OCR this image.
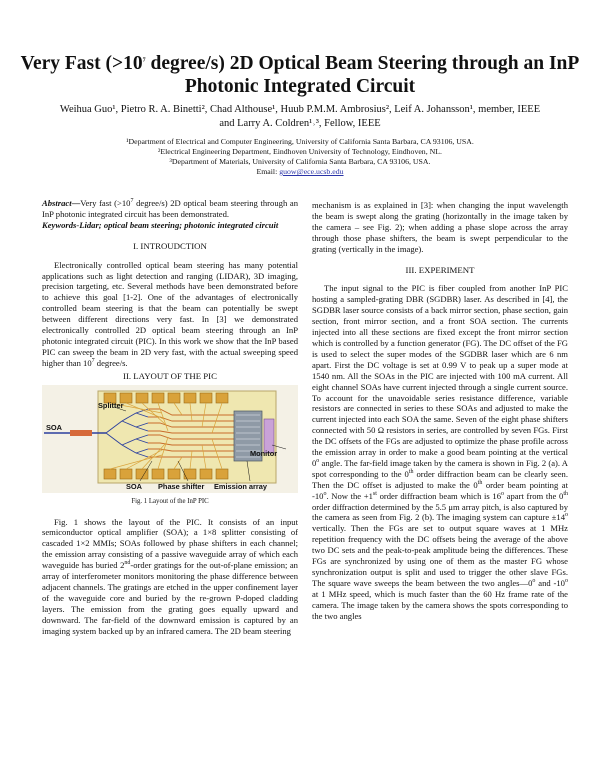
Very Fast ($>10^7$ degree/s) 2D Optical Beam Steering through an InP
Photonic Integrated Circuit
Weihua Guo¹, Pietro R. A. Binetti², Chad Althouse¹, Huub P.M.M. Ambrosius², Leif A. Johansson¹, member, IEEE
and Larry A. Coldren¹˒³, Fellow, IEEE
¹Department of Electrical and Computer Engineering, University of California Santa Barbara, CA 93106, USA.
²Electrical Engineering Department, Eindhoven University of Technology, Eindhoven, NL.
³Department of Materials, University of California Santa Barbara, CA 93106, USA.
Email: guow@ece.ucsb.edu

Abstract—Very fast ($>10^7$ degree/s) 2D optical beam steering through an InP photonic integrated circuit has been demonstrated.

Keywords-Lidar; optical beam steering; photonic integrated circuit

I. INTROUDCTION

Electronically controlled optical beam steering has many potential applications such as light detection and ranging (LIDAR), 3D imaging, precision targeting, etc. Several methods have been demonstrated before to achieve this goal [1-2]. One of the advantages of electronically controlled beam steering is that the beam can potentially be swept between different directions very fast. In [3] we demonstrated electronically controlled 2D optical beam steering through an InP photonic integrated circuit (PIC). In this work we show that the InP based PIC can sweep the beam in 2D very fast, with the actual sweeping speed higher than $10^7$ degree/s.

II. LAYOUT OF THE PIC
Splitter
SOA
Monitor
SOA Phase shifter Emission array
Fig. 1 Layout of the InP PIC

Fig. 1 shows the layout of the PIC. It consists of an input semiconductor optical amplifier (SOA); a 1×8 splitter consisting of cascaded 1×2 MMIs; SOAs followed by phase shifters in each channel; the emission array consisting of a passive waveguide array of which each waveguide has buried 2nd-order gratings for the out-of-plane emission; an array of interferometer monitors monitoring the phase difference between adjacent channels. The gratings are etched in the upper confinement layer of the waveguide core and buried by the re-grown P-doped cladding layers. The emission from the grating goes equally upward and downward. The far-field of the downward emission is captured by an imaging system backed up by an infrared camera. The 2D beam steering

mechanism is as explained in [3]: when changing the input wavelength the beam is swept along the grating (horizontally in the image taken by the camera – see Fig. 2); when adding a phase slope across the array through those phase shifters, the beam is swept perpendicular to the grating (vertically in the image).

III. EXPERIMENT

The input signal to the PIC is fiber coupled from another InP PIC hosting a sampled-grating DBR (SGDBR) laser. As described in [4], the SGDBR laser source consists of a back mirror section, phase section, gain section, front mirror section, and a front SOA section. The currents injected into all these sections are fixed except the front mirror section which is controlled by a function generator (FG). The DC offset of the FG is used to select the super modes of the SGDBR laser which are 6 nm apart. First the DC voltage is set at 0.99 V to peak up a super mode at 1540 nm. All the SOAs in the PIC are injected with 100 mA current. All eight channel SOAs have current injected through a single current source. To account for the unavoidable series resistance difference, variable resistors are connected in series to these SOAs and adjusted to make the current injected into each SOA the same. Seven of the eight phase shifters connected with 50 Ω resistors in series, are controlled by seven FGs. First the DC offsets of the FGs are adjusted to optimize the phase profile across the emission array in order to make a good beam pointing at the vertical 0$^o$ angle. The far-field image taken by the camera is shown in Fig. 2 (a). A spot corresponding to the 0th order diffraction beam can be clearly seen. Then the DC offset is adjusted to make the 0th order beam pointing at -10$^o$. Now the +1st order diffraction beam which is 16$^o$ apart from the 0th order diffraction determined by the 5.5 μm array pitch, is also captured by the camera as seen from Fig. 2 (b). The imaging system can capture $\pm 14^o$ vertically. Then the FGs are set to output square waves at 1 MHz repetition frequency with the DC offsets being the average of the above two DC sets and the peak-to-peak amplitude being the differences. These FGs are synchronized by using one of them as the master FG whose synchronization output is split and used to trigger the other slave FGs. The square wave sweeps the beam between the two angles—0$^o$ and -10$^o$ at 1 MHz speed, which is much faster than the 60 Hz frame rate of the camera. The image taken by the camera shows the spots corresponding to the two angles
